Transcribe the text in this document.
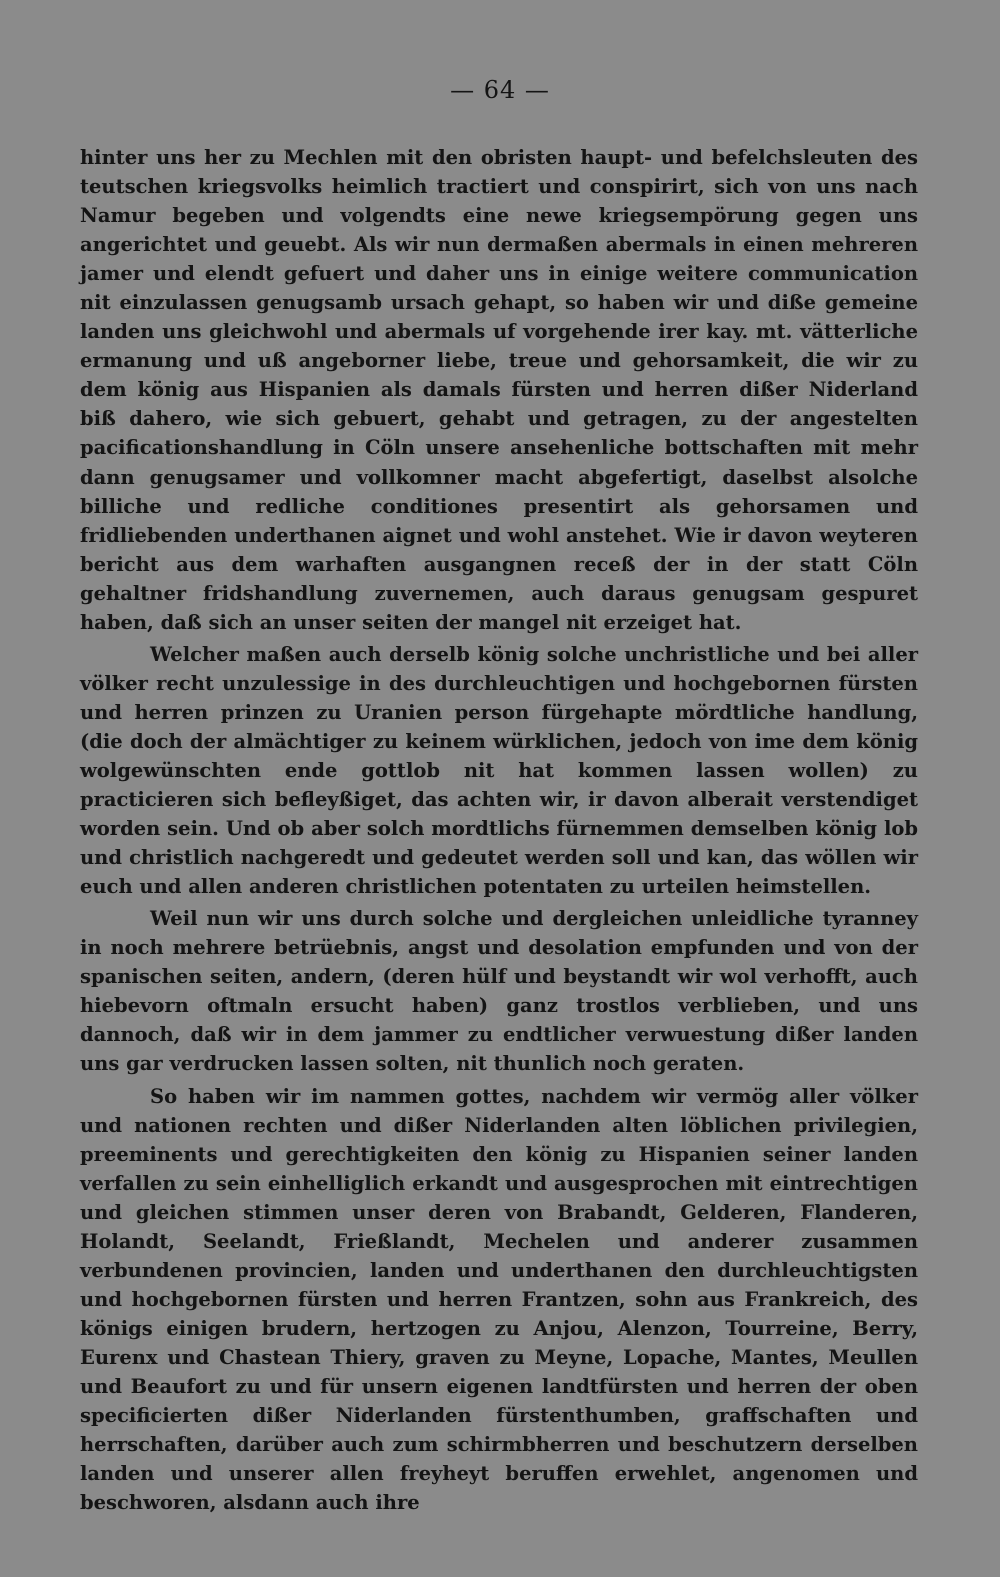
— 64 —

hinter uns her zu Mechlen mit den obristen haupt- und befelchsleuten des teutschen kriegsvolks heimlich tractiert und conspirirt, sich von uns nach Namur begeben und volgendts eine newe kriegsempörung gegen uns angerichtet und geuebt. Als wir nun dermaßen abermals in einen mehreren jamer und elendt gefuert und daher uns in einige weitere communication nit einzulassen genugsamb ursach gehapt, so haben wir und diße gemeine landen uns gleichwohl und abermals uf vorgehende irer kay. mt. vätterliche ermanung und uß angeborner liebe, treue und gehorsamkeit, die wir zu dem könig aus Hispanien als damals fürsten und herren dißer Niderland biß dahero, wie sich gebuert, gehabt und getragen, zu der angestelten pacificationshandlung in Cöln unsere ansehenliche bottschaften mit mehr dann genugsamer und vollkomner macht abgefertigt, daselbst alsolche billiche und redliche conditiones presentirt als gehorsamen und fridliebenden underthanen aignet und wohl anstehet. Wie ir davon weyteren bericht aus dem warhaften ausgangnen receß der in der statt Cöln gehaltner fridshandlung zuvernemen, auch daraus genugsam gespuret haben, daß sich an unser seiten der mangel nit erzeiget hat.

Welcher maßen auch derselb könig solche unchristliche und bei aller völker recht unzulessige in des durchleuchtigen und hochgebornen fürsten und herren prinzen zu Uranien person fürgehapte mördtliche handlung, (die doch der almächtiger zu keinem würklichen, jedoch von ime dem könig wolgewünschten ende gottlob nit hat kommen lassen wollen) zu practicieren sich befleyßiget, das achten wir, ir davon alberait verstendiget worden sein. Und ob aber solch mordtlichs fürnemmen demselben könig lob und christlich nachgeredt und gedeutet werden soll und kan, das wöllen wir euch und allen anderen christlichen potentaten zu urteilen heimstellen.

Weil nun wir uns durch solche und dergleichen unleidliche tyranney in noch mehrere betrüebnis, angst und desolation empfunden und von der spanischen seiten, andern, (deren hülf und beystandt wir wol verhofft, auch hiebevorn oftmaln ersucht haben) ganz trostlos verblieben, und uns dannoch, daß wir in dem jammer zu endtlicher verwuestung dißer landen uns gar verdrucken lassen solten, nit thunlich noch geraten.

So haben wir im nammen gottes, nachdem wir vermög aller völker und nationen rechten und dißer Niderlanden alten löblichen privilegien, preeminents und gerechtigkeiten den könig zu Hispanien seiner landen verfallen zu sein einhelliglich erkandt und ausgesprochen mit eintrechtigen und gleichen stimmen unser deren von Brabandt, Gelderen, Flanderen, Holandt, Seelandt, Frießlandt, Mechelen und anderer zusammen verbundenen provincien, landen und underthanen den durchleuchtigsten und hochgebornen fürsten und herren Frantzen, sohn aus Frankreich, des königs einigen brudern, hertzogen zu Anjou, Alenzon, Tourreine, Berry, Eurenx und Chastean Thiery, graven zu Meyne, Lopache, Mantes, Meullen und Beaufort zu und für unsern eigenen landtfürsten und herren der oben specificierten dißer Niderlanden fürstenthumben, graffschaften und herrschaften, darüber auch zum schirmbherren und beschutzern derselben landen und unserer allen freyheyt beruffen erwehlet, angenomen und beschworen, alsdann auch ihre
